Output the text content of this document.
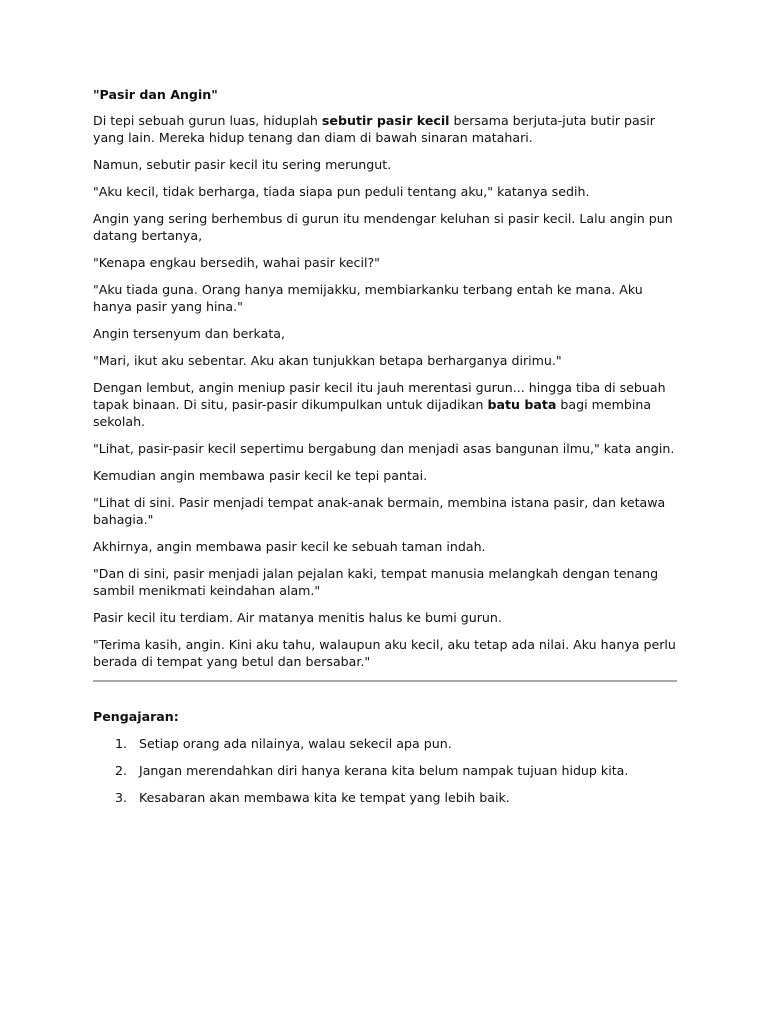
"Pasir dan Angin"

Di tepi sebuah gurun luas, hiduplah sebutir pasir kecil bersama berjuta-juta butir pasir yang lain. Mereka hidup tenang dan diam di bawah sinaran matahari.

Namun, sebutir pasir kecil itu sering merungut.

"Aku kecil, tidak berharga, tiada siapa pun peduli tentang aku," katanya sedih.

Angin yang sering berhembus di gurun itu mendengar keluhan si pasir kecil. Lalu angin pun datang bertanya,

"Kenapa engkau bersedih, wahai pasir kecil?"

"Aku tiada guna. Orang hanya memijakku, membiarkanku terbang entah ke mana. Aku hanya pasir yang hina."

Angin tersenyum dan berkata,

"Mari, ikut aku sebentar. Aku akan tunjukkan betapa berharganya dirimu."

Dengan lembut, angin meniup pasir kecil itu jauh merentasi gurun... hingga tiba di sebuah tapak binaan. Di situ, pasir-pasir dikumpulkan untuk dijadikan batu bata bagi membina sekolah.

"Lihat, pasir-pasir kecil sepertimu bergabung dan menjadi asas bangunan ilmu," kata angin.

Kemudian angin membawa pasir kecil ke tepi pantai.

"Lihat di sini. Pasir menjadi tempat anak-anak bermain, membina istana pasir, dan ketawa bahagia."

Akhirnya, angin membawa pasir kecil ke sebuah taman indah.

"Dan di sini, pasir menjadi jalan pejalan kaki, tempat manusia melangkah dengan tenang sambil menikmati keindahan alam."

Pasir kecil itu terdiam. Air matanya menitis halus ke bumi gurun.

"Terima kasih, angin. Kini aku tahu, walaupun aku kecil, aku tetap ada nilai. Aku hanya perlu berada di tempat yang betul dan bersabar."

Pengajaran:

1. Setiap orang ada nilainya, walau sekecil apa pun.
2. Jangan merendahkan diri hanya kerana kita belum nampak tujuan hidup kita.
3. Kesabaran akan membawa kita ke tempat yang lebih baik.
